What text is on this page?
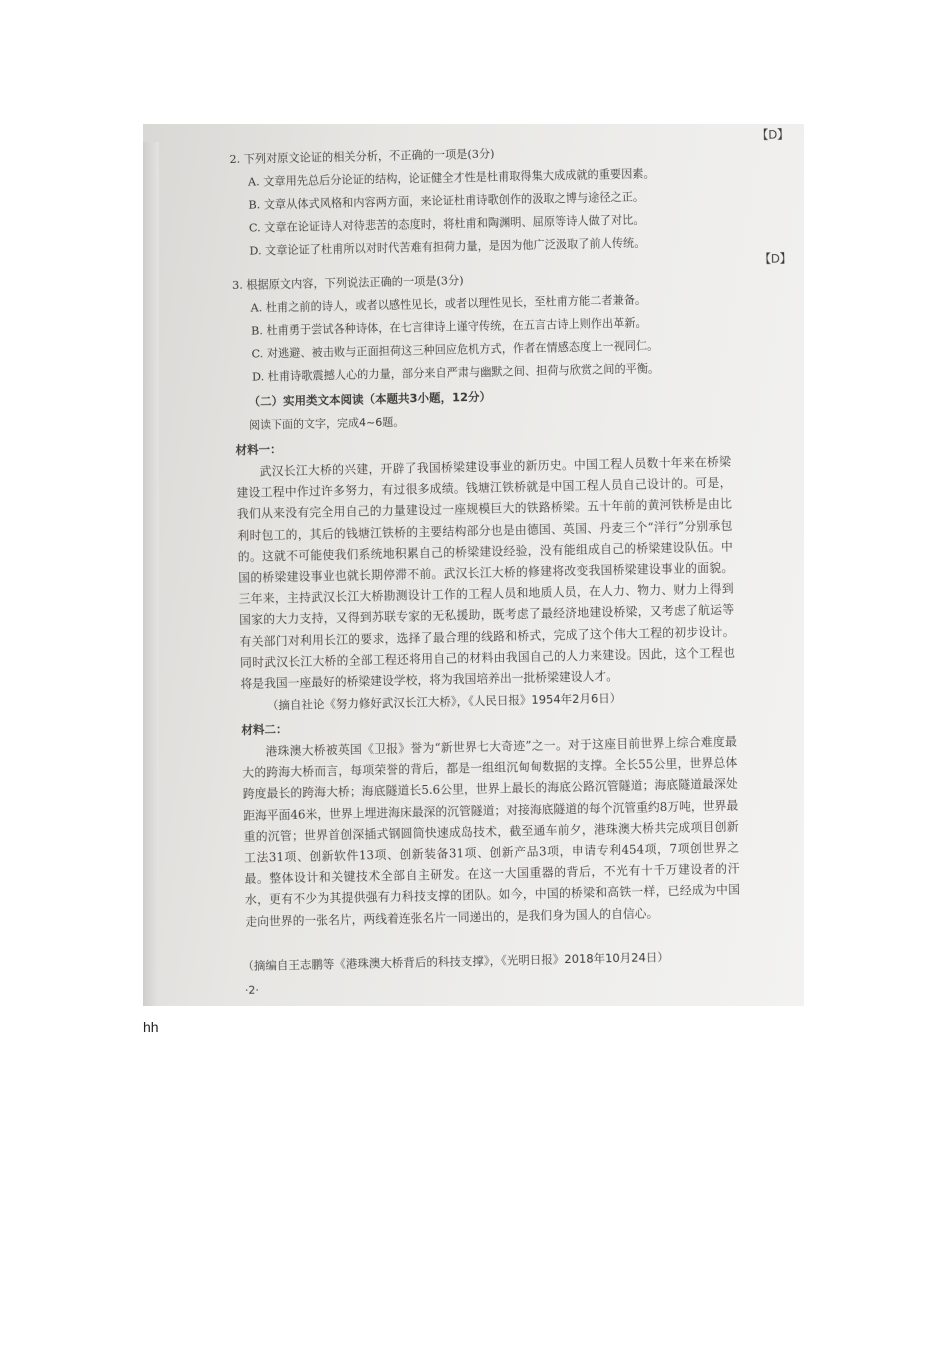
【D】
2. 下列对原文论证的相关分析，不正确的一项是(3分)
A. 文章用先总后分论证的结构，论证健全才性是杜甫取得集大成成就的重要因素。
B. 文章从体式风格和内容两方面，来论证杜甫诗歌创作的汲取之博与途径之正。
C. 文章在论证诗人对待悲苦的态度时，将杜甫和陶渊明、屈原等诗人做了对比。
D. 文章论证了杜甫所以对时代苦难有担荷力量，是因为他广泛汲取了前人传统。
【D】
3. 根据原文内容，下列说法正确的一项是(3分)
A. 杜甫之前的诗人，或者以感性见长，或者以理性见长，至杜甫方能二者兼备。
B. 杜甫勇于尝试各种诗体，在七言律诗上谨守传统，在五言古诗上则作出革新。
C. 对逃避、被击败与正面担荷这三种回应危机方式，作者在情感态度上一视同仁。
D. 杜甫诗歌震撼人心的力量，部分来自严肃与幽默之间、担荷与欣赏之间的平衡。
（二）实用类文本阅读（本题共3小题，12分）
阅读下面的文字，完成4~6题。
材料一：
武汉长江大桥的兴建，开辟了我国桥梁建设事业的新历史。中国工程人员数十年来在桥梁建设工程中作过许多努力，有过很多成绩。钱塘江铁桥就是中国工程人员自己设计的。可是，我们从来没有完全用自己的力量建设过一座规模巨大的铁路桥梁。五十年前的黄河铁桥是由比利时包工的，其后的钱塘江铁桥的主要结构部分也是由德国、英国、丹麦三个“洋行”分别承包的。这就不可能使我们系统地积累自己的桥梁建设经验，没有能组成自己的桥梁建设队伍。中国的桥梁建设事业也就长期停滞不前。武汉长江大桥的修建将改变我国桥梁建设事业的面貌。三年来，主持武汉长江大桥勘测设计工作的工程人员和地质人员，在人力、物力、财力上得到国家的大力支持，又得到苏联专家的无私援助，既考虑了最经济地建设桥梁，又考虑了航运等有关部门对利用长江的要求，选择了最合理的线路和桥式，完成了这个伟大工程的初步设计。同时武汉长江大桥的全部工程还将用自己的材料由我国自己的人力来建设。因此，这个工程也将是我国一座最好的桥梁建设学校，将为我国培养出一批桥梁建设人才。
（摘自社论《努力修好武汉长江大桥》，《人民日报》1954年2月6日）
材料二：
港珠澳大桥被英国《卫报》誉为“新世界七大奇迹”之一。对于这座目前世界上综合难度最大的跨海大桥而言，每项荣誉的背后，都是一组组沉甸甸数据的支撑。全长55公里，世界总体跨度最长的跨海大桥；海底隧道长5.6公里，世界上最长的海底公路沉管隧道；海底隧道最深处距海平面46米，世界上埋进海床最深的沉管隧道；对接海底隧道的每个沉管重约8万吨，世界最重的沉管；世界首创深插式钢圆筒快速成岛技术，截至通车前夕，港珠澳大桥共完成项目创新工法31项、创新软件13项、创新装备31项、创新产品3项，申请专利454项，7项创世界之最。整体设计和关键技术全部自主研发。在这一大国重器的背后，不光有十千万建设者的汗水，更有不少为其提供强有力科技支撑的团队。如今，中国的桥梁和高铁一样，已经成为中国走向世界的一张名片，两线着连张名片一同递出的，是我们身为国人的自信心。
（摘编自王志鹏等《港珠澳大桥背后的科技支撑》，《光明日报》2018年10月24日）
·2·
hh
